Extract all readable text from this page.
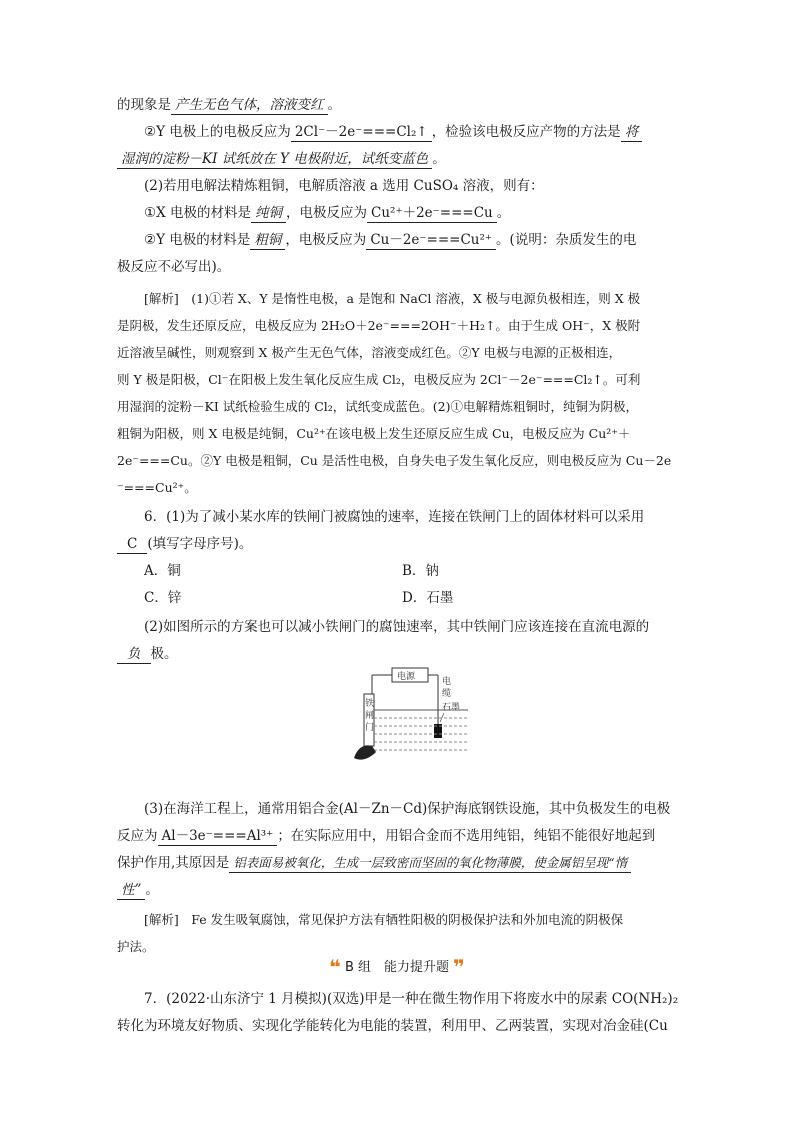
的现象是 产生无色气体，溶液变红 。
②Y 电极上的电极反应为 2Cl⁻－2e⁻===Cl₂↑ ，检验该电极反应产物的方法是 将
湿润的淀粉－KI 试纸放在 Y 电极附近，试纸变蓝色 。
(2)若用电解法精炼粗铜，电解质溶液 a 选用 CuSO₄ 溶液，则有：
①X 电极的材料是 纯铜 ，电极反应为 Cu²⁺＋2e⁻===Cu 。
②Y 电极的材料是 粗铜 ，电极反应为 Cu－2e⁻===Cu²⁺ 。(说明：杂质发生的电
极反应不必写出)。
[解析]　(1)①若 X、Y 是惰性电极，a 是饱和 NaCl 溶液，X 极与电源负极相连，则 X 极
是阴极，发生还原反应，电极反应为 2H₂O＋2e⁻===2OH⁻＋H₂↑。由于生成 OH⁻，X 极附
近溶液呈碱性，则观察到 X 极产生无色气体，溶液变成红色。②Y 电极与电源的正极相连，
则 Y 极是阳极，Cl⁻在阳极上发生氧化反应生成 Cl₂，电极反应为 2Cl⁻－2e⁻===Cl₂↑。可利
用湿润的淀粉－KI 试纸检验生成的 Cl₂，试纸变成蓝色。(2)①电解精炼粗铜时，纯铜为阴极，
粗铜为阳极，则 X 电极是纯铜，Cu²⁺在该电极上发生还原反应生成 Cu，电极反应为 Cu²⁺＋
2e⁻===Cu。②Y 电极是粗铜，Cu 是活性电极，自身失电子发生氧化反应，则电极反应为 Cu－2e
⁻===Cu²⁺。
6．(1)为了减小某水库的铁闸门被腐蚀的速率，连接在铁闸门上的固体材料可以采用
C (填写字母序号)。
A．铜	B．钠
C．锌	D．石墨
(2)如图所示的方案也可以减小铁闸门的腐蚀速率，其中铁闸门应该连接在直流电源的
负 极。
电源	电
缆
石墨
铁
闸
门
(3)在海洋工程上，通常用铝合金(Al－Zn－Cd)保护海底钢铁设施，其中负极发生的电极
反应为 Al－3e⁻===Al³⁺ ；在实际应用中，用铝合金而不选用纯铝，纯铝不能很好地起到
保护作用,其原因是 铝表面易被氧化，生成一层致密而坚固的氧化物薄膜，使金属铝呈现“惰
性” 。
[解析]　Fe 发生吸氧腐蚀，常见保护方法有牺牲阳极的阴极保护法和外加电流的阴极保
护法。
❝ B 组　能力提升题 ❞
7．(2022·山东济宁 1 月模拟)(双选)甲是一种在微生物作用下将废水中的尿素 CO(NH₂)₂
转化为环境友好物质、实现化学能转化为电能的装置，利用甲、乙两装置，实现对冶金硅(Cu
